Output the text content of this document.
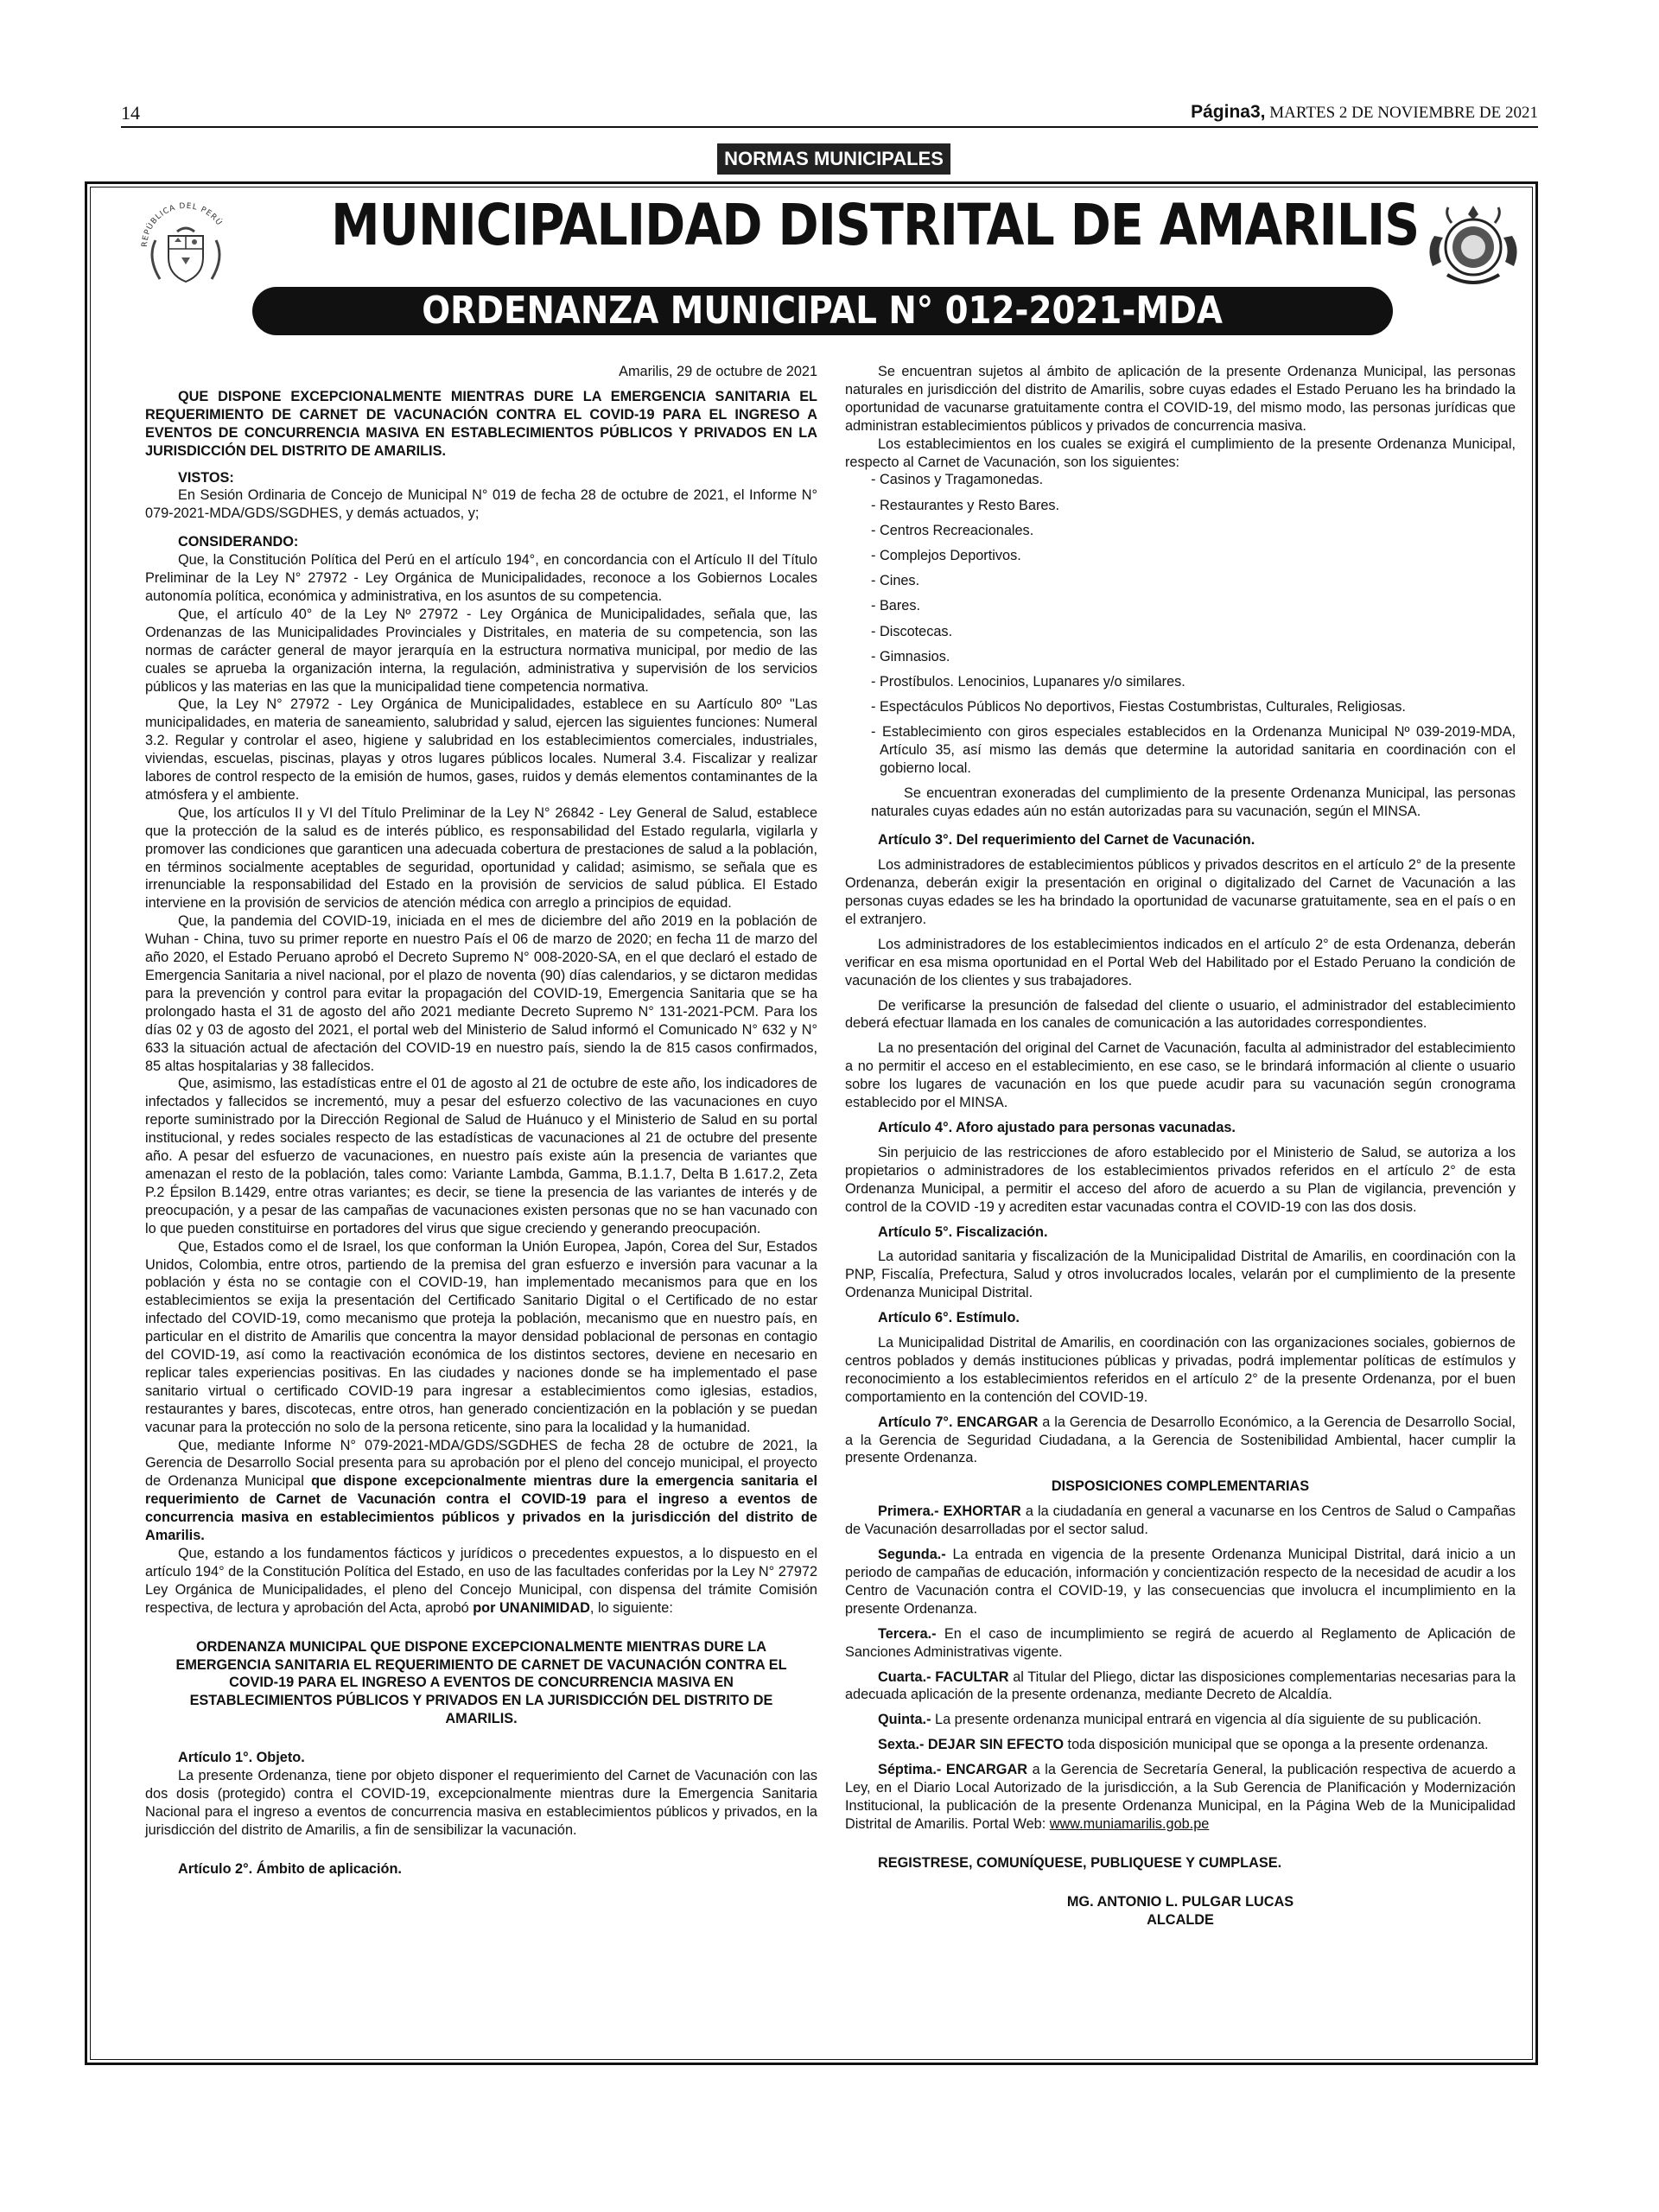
14	Página3, MARTES 2 DE NOVIEMBRE DE 2021
NORMAS MUNICIPALES
REPÚBLICA DEL PERÚ MUNICIPALIDAD DISTRITAL DE AMARILIS
ORDENANZA MUNICIPAL N° 012-2021-MDA
Amarilis, 29 de octubre de 2021

QUE DISPONE EXCEPCIONALMENTE MIENTRAS DURE LA EMERGENCIA SANITARIA EL REQUERIMIENTO DE CARNET DE VACUNACIÓN CONTRA EL COVID-19 PARA EL INGRESO A EVENTOS DE CONCURRENCIA MASIVA EN ESTABLECIMIENTOS PÚBLICOS Y PRIVADOS EN LA JURISDICCIÓN DEL DISTRITO DE AMARILIS.

VISTOS:

En Sesión Ordinaria de Concejo de Municipal N° 019 de fecha 28 de octubre de 2021, el Informe N° 079-2021-MDA/GDS/SGDHES, y demás actuados, y;

CONSIDERANDO:

Que, la Constitución Política del Perú en el artículo 194°, en concordancia con el Artículo II del Título Preliminar de la Ley N° 27972 - Ley Orgánica de Municipalidades, reconoce a los Gobiernos Locales autonomía política, económica y administrativa, en los asuntos de su competencia.

Que, el artículo 40° de la Ley Nº 27972 - Ley Orgánica de Municipalidades, señala que, las Ordenanzas de las Municipalidades Provinciales y Distritales, en materia de su competencia, son las normas de carácter general de mayor jerarquía en la estructura normativa municipal, por medio de las cuales se aprueba la organización interna, la regulación, administrativa y supervisión de los servicios públicos y las materias en las que la municipalidad tiene competencia normativa.

Que, la Ley N° 27972 - Ley Orgánica de Municipalidades, establece en su Aartículo 80º "Las municipalidades, en materia de saneamiento, salubridad y salud, ejercen las siguientes funciones: Numeral 3.2. Regular y controlar el aseo, higiene y salubridad en los establecimientos comerciales, industriales, viviendas, escuelas, piscinas, playas y otros lugares públicos locales. Numeral 3.4. Fiscalizar y realizar labores de control respecto de la emisión de humos, gases, ruidos y demás elementos contaminantes de la atmósfera y el ambiente.

Que, los artículos II y VI del Título Preliminar de la Ley N° 26842 - Ley General de Salud, establece que la protección de la salud es de interés público, es responsabilidad del Estado regularla, vigilarla y promover las condiciones que garanticen una adecuada cobertura de prestaciones de salud a la población, en términos socialmente aceptables de seguridad, oportunidad y calidad; asimismo, se señala que es irrenunciable la responsabilidad del Estado en la provisión de servicios de salud pública. El Estado interviene en la provisión de servicios de atención médica con arreglo a principios de equidad.

Que, la pandemia del COVID-19, iniciada en el mes de diciembre del año 2019 en la población de Wuhan - China, tuvo su primer reporte en nuestro País el 06 de marzo de 2020; en fecha 11 de marzo del año 2020, el Estado Peruano aprobó el Decreto Supremo N° 008-2020-SA, en el que declaró el estado de Emergencia Sanitaria a nivel nacional, por el plazo de noventa (90) días calendarios, y se dictaron medidas para la prevención y control para evitar la propagación del COVID-19, Emergencia Sanitaria que se ha prolongado hasta el 31 de agosto del año 2021 mediante Decreto Supremo N° 131-2021-PCM. Para los días 02 y 03 de agosto del 2021, el portal web del Ministerio de Salud informó el Comunicado N° 632 y N° 633 la situación actual de afectación del COVID-19 en nuestro país, siendo la de 815 casos confirmados, 85 altas hospitalarias y 38 fallecidos.

Que, asimismo, las estadísticas entre el 01 de agosto al 21 de octubre de este año, los indicadores de infectados y fallecidos se incrementó, muy a pesar del esfuerzo colectivo de las vacunaciones en cuyo reporte suministrado por la Dirección Regional de Salud de Huánuco y el Ministerio de Salud en su portal institucional, y redes sociales respecto de las estadísticas de vacunaciones al 21 de octubre del presente año. A pesar del esfuerzo de vacunaciones, en nuestro país existe aún la presencia de variantes que amenazan el resto de la población, tales como: Variante Lambda, Gamma, B.1.1.7, Delta B 1.617.2, Zeta P.2 Épsilon B.1429, entre otras variantes; es decir, se tiene la presencia de las variantes de interés y de preocupación, y a pesar de las campañas de vacunaciones existen personas que no se han vacunado con lo que pueden constituirse en portadores del virus que sigue creciendo y generando preocupación.

Que, Estados como el de Israel, los que conforman la Unión Europea, Japón, Corea del Sur, Estados Unidos, Colombia, entre otros, partiendo de la premisa del gran esfuerzo e inversión para vacunar a la población y ésta no se contagie con el COVID-19, han implementado mecanismos para que en los establecimientos se exija la presentación del Certificado Sanitario Digital o el Certificado de no estar infectado del COVID-19, como mecanismo que proteja la población, mecanismo que en nuestro país, en particular en el distrito de Amarilis que concentra la mayor densidad poblacional de personas en contagio del COVID-19, así como la reactivación económica de los distintos sectores, deviene en necesario en replicar tales experiencias positivas. En las ciudades y naciones donde se ha implementado el pase sanitario virtual o certificado COVID-19 para ingresar a establecimientos como iglesias, estadios, restaurantes y bares, discotecas, entre otros, han generado concientización en la población y se puedan vacunar para la protección no solo de la persona reticente, sino para la localidad y la humanidad.

Que, mediante Informe N° 079-2021-MDA/GDS/SGDHES de fecha 28 de octubre de 2021, la Gerencia de Desarrollo Social presenta para su aprobación por el pleno del concejo municipal, el proyecto de Ordenanza Municipal que dispone excepcionalmente mientras dure la emergencia sanitaria el requerimiento de Carnet de Vacunación contra el COVID-19 para el ingreso a eventos de concurrencia masiva en establecimientos públicos y privados en la jurisdicción del distrito de Amarilis.

Que, estando a los fundamentos fácticos y jurídicos o precedentes expuestos, a lo dispuesto en el artículo 194° de la Constitución Política del Estado, en uso de las facultades conferidas por la Ley N° 27972 Ley Orgánica de Municipalidades, el pleno del Concejo Municipal, con dispensa del trámite Comisión respectiva, de lectura y aprobación del Acta, aprobó por UNANIMIDAD, lo siguiente:

ORDENANZA MUNICIPAL QUE DISPONE EXCEPCIONALMENTE MIENTRAS DURE LA EMERGENCIA SANITARIA EL REQUERIMIENTO DE CARNET DE VACUNACIÓN CONTRA EL COVID-19 PARA EL INGRESO A EVENTOS DE CONCURRENCIA MASIVA EN ESTABLECIMIENTOS PÚBLICOS Y PRIVADOS EN LA JURISDICCIÓN DEL DISTRITO DE AMARILIS.

Artículo 1°. Objeto.

La presente Ordenanza, tiene por objeto disponer el requerimiento del Carnet de Vacunación con las dos dosis (protegido) contra el COVID-19, excepcionalmente mientras dure la Emergencia Sanitaria Nacional para el ingreso a eventos de concurrencia masiva en establecimientos públicos y privados, en la jurisdicción del distrito de Amarilis, a fin de sensibilizar la vacunación.

Artículo 2°. Ámbito de aplicación.

Se encuentran sujetos al ámbito de aplicación de la presente Ordenanza Municipal, las personas naturales en jurisdicción del distrito de Amarilis, sobre cuyas edades el Estado Peruano les ha brindado la oportunidad de vacunarse gratuitamente contra el COVID-19, del mismo modo, las personas jurídicas que administran establecimientos públicos y privados de concurrencia masiva.

Los establecimientos en los cuales se exigirá el cumplimiento de la presente Ordenanza Municipal, respecto al Carnet de Vacunación, son los siguientes:

- Casinos y Tragamonedas.
- Restaurantes y Resto Bares.
- Centros Recreacionales.
- Complejos Deportivos.
- Cines.
- Bares.
- Discotecas.
- Gimnasios.
- Prostíbulos. Lenocinios, Lupanares y/o similares.
- Espectáculos Públicos No deportivos, Fiestas Costumbristas, Culturales, Religiosas.
- Establecimiento con giros especiales establecidos en la Ordenanza Municipal Nº 039-2019-MDA, Artículo 35, así mismo las demás que determine la autoridad sanitaria en coordinación con el gobierno local.

Se encuentran exoneradas del cumplimiento de la presente Ordenanza Municipal, las personas naturales cuyas edades aún no están autorizadas para su vacunación, según el MINSA.

Artículo 3°. Del requerimiento del Carnet de Vacunación.

Los administradores de establecimientos públicos y privados descritos en el artículo 2° de la presente Ordenanza, deberán exigir la presentación en original o digitalizado del Carnet de Vacunación a las personas cuyas edades se les ha brindado la oportunidad de vacunarse gratuitamente, sea en el país o en el extranjero.

Los administradores de los establecimientos indicados en el artículo 2° de esta Ordenanza, deberán verificar en esa misma oportunidad en el Portal Web del Habilitado por el Estado Peruano la condición de vacunación de los clientes y sus trabajadores.

De verificarse la presunción de falsedad del cliente o usuario, el administrador del establecimiento deberá efectuar llamada en los canales de comunicación a las autoridades correspondientes.

La no presentación del original del Carnet de Vacunación, faculta al administrador del establecimiento a no permitir el acceso en el establecimiento, en ese caso, se le brindará información al cliente o usuario sobre los lugares de vacunación en los que puede acudir para su vacunación según cronograma establecido por el MINSA.

Artículo 4°. Aforo ajustado para personas vacunadas.

Sin perjuicio de las restricciones de aforo establecido por el Ministerio de Salud, se autoriza a los propietarios o administradores de los establecimientos privados referidos en el artículo 2° de esta Ordenanza Municipal, a permitir el acceso del aforo de acuerdo a su Plan de vigilancia, prevención y control de la COVID -19 y acrediten estar vacunadas contra el COVID-19 con las dos dosis.

Artículo 5°. Fiscalización.

La autoridad sanitaria y fiscalización de la Municipalidad Distrital de Amarilis, en coordinación con la PNP, Fiscalía, Prefectura, Salud y otros involucrados locales, velarán por el cumplimiento de la presente Ordenanza Municipal Distrital.

Artículo 6°. Estímulo.

La Municipalidad Distrital de Amarilis, en coordinación con las organizaciones sociales, gobiernos de centros poblados y demás instituciones públicas y privadas, podrá implementar políticas de estímulos y reconocimiento a los establecimientos referidos en el artículo 2° de la presente Ordenanza, por el buen comportamiento en la contención del COVID-19.

Artículo 7°. ENCARGAR a la Gerencia de Desarrollo Económico, a la Gerencia de Desarrollo Social, a la Gerencia de Seguridad Ciudadana, a la Gerencia de Sostenibilidad Ambiental, hacer cumplir la presente Ordenanza.

DISPOSICIONES COMPLEMENTARIAS

Primera.- EXHORTAR a la ciudadanía en general a vacunarse en los Centros de Salud o Campañas de Vacunación desarrolladas por el sector salud.

Segunda.- La entrada en vigencia de la presente Ordenanza Municipal Distrital, dará inicio a un periodo de campañas de educación, información y concientización respecto de la necesidad de acudir a los Centro de Vacunación contra el COVID-19, y las consecuencias que involucra el incumplimiento en la presente Ordenanza.

Tercera.- En el caso de incumplimiento se regirá de acuerdo al Reglamento de Aplicación de Sanciones Administrativas vigente.

Cuarta.- FACULTAR al Titular del Pliego, dictar las disposiciones complementarias necesarias para la adecuada aplicación de la presente ordenanza, mediante Decreto de Alcaldía.

Quinta.- La presente ordenanza municipal entrará en vigencia al día siguiente de su publicación.

Sexta.- DEJAR SIN EFECTO toda disposición municipal que se oponga a la presente ordenanza.

Séptima.- ENCARGAR a la Gerencia de Secretaría General, la publicación respectiva de acuerdo a Ley, en el Diario Local Autorizado de la jurisdicción, a la Sub Gerencia de Planificación y Modernización Institucional, la publicación de la presente Ordenanza Municipal, en la Página Web de la Municipalidad Distrital de Amarilis. Portal Web: www.muniamarilis.gob.pe

REGISTRESE, COMUNÍQUESE, PUBLIQUESE Y CUMPLASE.

MG. ANTONIO L. PULGAR LUCAS
ALCALDE
